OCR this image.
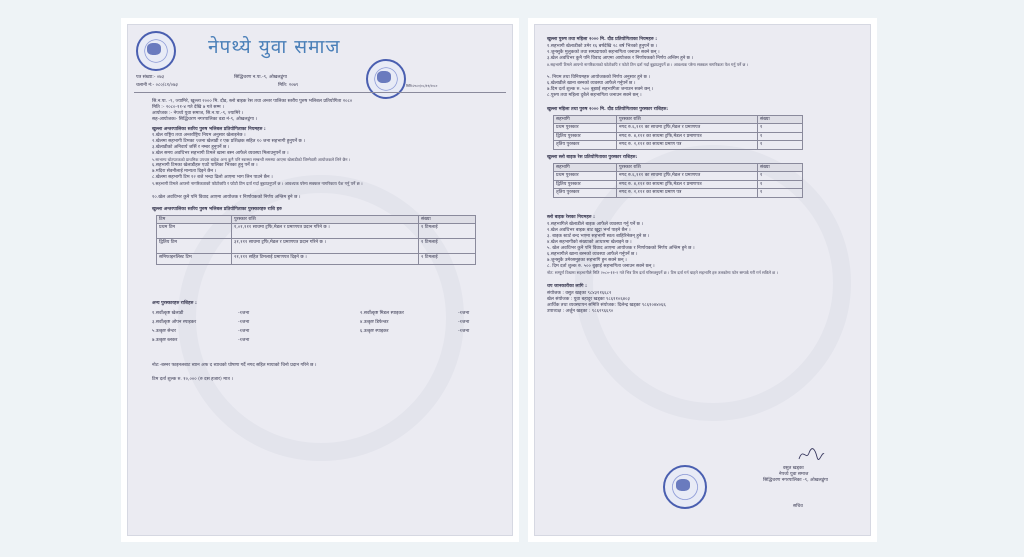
नेपथ्ये युवा समाज
पत्र संख्या:- ०७३
चलानी नं:- ०८०/८१/०७३
सिद्धिचरण न.पा.-९, ओखलढुंगा
मिति: २०७९	मिति:२०८०/०८/११/२०८०
सि.न.पा. -९, ज्यामिरे, खुल्ला २००० मि. दौड, स्लो बाइक रेस तथा अन्तर पालिका स्तरीय पुरुष भलिबल प्रतियोगिता २०८०
मिति :- २०८०-११-४ गते देखि ७ गते सम्म ।
आयोजक :- नेपथ्ये युवा समाज, सि.न.पा.-९, ज्यामिरे ।
सह-आयोजकः- सिद्धिचरण नगरपालिका वडा नं-९, ओखलढुंगा ।
खुल्ला अन्तरपालिका स्तरिय पुरुष भलिबल प्रतियोगिताका नियमहरु :
१.खेल राष्ट्रिय तथा अन्तर्राष्ट्रिय नियम अनुसार खेलाइनेछ ।
२.खेलमा सहभागी टिमका ९जना खेलाडी र एक प्रशिक्षक सहित १० जना सहभागी हुनुपर्ने छ ।
३.खेलाडीको अनिवार्य जर्सि र नम्बर हुनुपर्ने छ ।
४.खेल समय अवधिभर सहभागी टिमले खाना बस्न आफैले व्यवस्था मिलाउनुपर्ने छ ।
५.साभाग्य चोटपटकको प्राथमिक उपचार बाहेक अन्य कुनै पनि स्वास्थ्य सम्बन्धी समस्या आएमा खेलाडीको जिम्मेवारी आयोजकले लिने छैन ।
६.सहभागी टिमका खेलाडीहरु एउटै पालिका भित्रका हुनु पर्ने छ ।
७.मदिरा सेवनीलाई मान्यता दिइने छैन ।
८.खेलमा सहभागी टिम १२ बजे भन्दा ढिलो आएमा भाग लिन पाउने छैन ।
९.सहभागी टिमले आफ्नो नागरिकताको फोटोकपि र फोटो टिम दर्ता गर्दा बुझाउनुपर्ने छ । आवश्यक परेमा सक्कल नागरिकता पेश गर्नु पर्ने छ ।
१०.खेल अवधिभर कुनै पनि विवाद आएमा आयोजक र निर्णायकको निर्णय अन्तिम हुने छ ।
खुल्ला अन्तरपालिका स्तरिय पुरुष भलिबल प्रतियोगिताका पुरस्कारहरु राशि हरु
टिम	पुरस्कार राशि	संख्या
प्रथम टिम	१,०१,१११ साथमा ट्रफि,मेडल र प्रमाणपत्र प्रदान गरिने छ ।	१ टिमलाई
द्वितिय टिम	३१,१११ साथमा ट्रफि,मेडल र प्रमाणपत्र प्रदान गरिने छ ।	१ टिमलाई
समिफाइनलिस्ट टिम	२१,१११ सहित टिमलाई प्रमाणपत्र दिइने छ ।	२ टिमलाई
अन्य पुरस्कारहरु राशिहरु :
१.सर्वोत्कृष्ट खेलाडी	-१जना
३.सर्वोत्कृष्ट ओपन स्पाइकर	-१जना
५.उत्कृष्ट सेन्टर	-१जना
७.उत्कृष्ट ब्लकर	-१जना
२.सर्वोत्कृष्ट मिडल स्पाइकर	-१जना
४.उत्कृष्ट डिफेन्डर	-१जना
६.उत्कृष्ट स्पाइकर	-१जना
नोट:-बस्नर फाइनलबाट ब्यान अफ द ब्याचको घोषणा गर्दै नगद सहित मायाको चिनो प्रदान गरिने छ ।
टिम दर्ता शुल्क रु. १०,००० (रु दस हजार) मात्र ।
खुल्ला पुरुष तथा महिला २००० मि. दौड प्रतियोगिताका नियमहरु :
१.सहभागी खेलाडीको उमेर १६ बर्षदेखि २८ बर्ष भित्रको हुनुपर्ने छ ।
२.जुनसुकै मुलुकको तथा सम्प्रदायको सहभागिता जनाउन सक्ने छन् ।
३.खेल अवधिभर कुनै पनि विवाद आएमा आयोजक र निर्णायकको निर्णय अन्तिम हुने छ ।
४.सहभागी टिमले आफ्नो नागरिकताको फोटोकपि र फोटो टिम दर्ता गर्दा बुझाउनुपर्ने छ । आवश्यक परेमा सक्कल नागरिकता पेश गर्नु पर्ने छ ।
५. नियम तथा विनियमहरु आयोजकको निर्णय अनुसार हुने छ ।
६.खेलाडीले खाना बस्नको व्यवस्था आफैले गर्नुपर्ने छ ।
७.दिम दर्ता शुल्क रु. ५०० बुझाई सहभागिता जनाउन सक्ने छन् ।
८.पुरुष तथा महिला दुबैले सहभागिता जनाउन सक्ने छन् ।
खुल्ला महिला तथा पुरुष २००० मि. दौड प्रतियोगिताका पुरस्कार राशिहरु:
सहभागि	पुरस्कार राशि	संख्या
प्रथम पुरस्कार	नगद रु.६,१११ का साथमा ट्रफि,मेडल र प्रमाणपत्र	१
द्वितिय पुरस्कार	नगद रु. ४,१११ का साथमा ट्रफि,मेडल र प्रमाणपत्र	१
तृतिय पुरस्कार	नगद रु. २,१११ का साथमा प्रमाण पत्र	१
खुल्ला स्लो बाइक रेस प्रतियोगिताका पुरस्कार राशिहरु:
सहभागि	पुरस्कार राशि	संख्या
प्रथम पुरस्कार	नगद रु.६,१११ का साथमा ट्रफि,मेडल र प्रमाणपत्र	१
द्वितिय पुरस्कार	नगद रु. ४,१११ का साथमा ट्रफि,मेडल र प्रमाणपत्र	१
तृतिय पुरस्कार	नगद रु. २,१११ का साथमा प्रमाण पत्र	१
स्लो बाइक रेसका नियमहरु :
१.सहभागिले खेलाडीले बाइक आफैले व्यवस्था गर्नु पर्ने छ ।
२.खेल अवधिभर बाइक बाट खुट्टा भर्ना पाइने छैन ।
३. बाइक स्टार्ट बन्द भएमा सहभागी स्वतः बाहिरिनेछन् हुने छ ।
४.खेल सहभागीको संख्याको आधारमा खेलाइने छ ।
५. खेल अवधिभर कुनै पनि विवाद आएमा आयोजक र निर्णायकको निर्णय अन्तिम हुने छ ।
६.सहभागीले खाना बस्नको व्यवस्था आफैले गर्नुपर्ने छ ।
७.जुनसुकै उमेरसमुहका सहभागि हुन सक्ने छन् ।
८. दिम दर्ता शुल्क रु. ५०० बुझाई सहभागिता जनाउन सक्ने छन् ।
नोट: सम्पूर्ण विधामा सहभागीले मिति २०८०-११-२ गते भित्र टिम दर्ता गरिसक्नुपर्ने छ । टिम दर्ता गर्न चाहने सहभागि हरु तलकोमा फोन सम्पर्क गरी गर्न सकिने छ ।
थप जानकारीका लागि :
संयोजक : वसुत खड्का ९८४३११६६८२
खेल संयोजक : युवा बहादुर खड्का ९८६११०६४०३
आर्थिक तथा व्यवस्थापन समिति संयोजक: दिलेन्द्र खड्का ९८६१०४४०६६
उपाध्यक्ष : अर्जुन खड्का : ९८६२९६६९०
वसुत खड्का
नेपथ्ये युवा समाज
सिद्धिचरण नगरपालिका -९, ओखलढुंगा
सचिव
